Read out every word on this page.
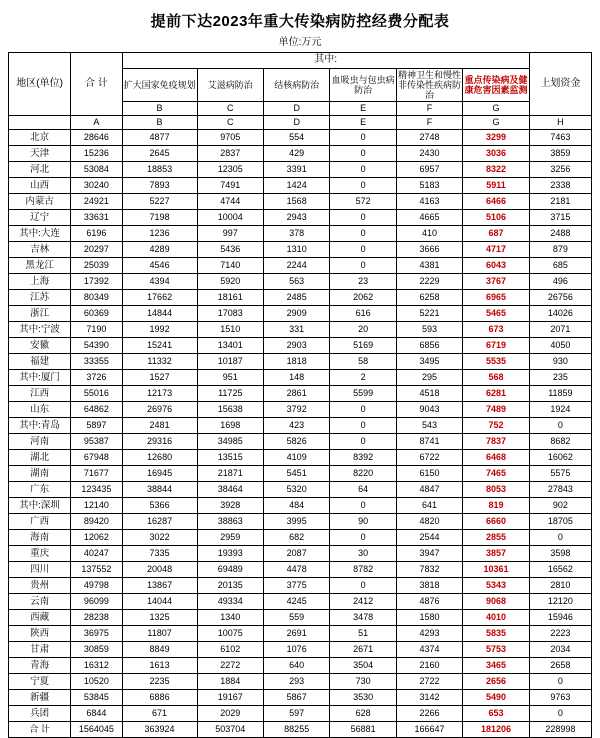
提前下达2023年重大传染病防控经费分配表
单位:万元
地区(单位)	合 计	其中:						上划资金
		扩大国家免疫规划	艾滋病防治	结核病防治	血吸虫与包虫病防治	精神卫生和慢性非传染性疾病防治	重点传染病及健康危害因素监测	
		B	C	D	E	F	G	
	A	B	C	D	E	F	G	H
北京	28646	4877	9705	554	0	2748	3299	7463
天津	15236	2645	2837	429	0	2430	3036	3859
河北	53084	18853	12305	3391	0	6957	8322	3256
山西	30240	7893	7491	1424	0	5183	5911	2338
内蒙古	24921	5227	4744	1568	572	4163	6466	2181
辽宁	33631	7198	10004	2943	0	4665	5106	3715
其中:大连	6196	1236	997	378	0	410	687	2488
吉林	20297	4289	5436	1310	0	3666	4717	879
黑龙江	25039	4546	7140	2244	0	4381	6043	685
上海	17392	4394	5920	563	23	2229	3767	496
江苏	80349	17662	18161	2485	2062	6258	6965	26756
浙江	60369	14844	17083	2909	616	5221	5465	14026
其中:宁波	7190	1992	1510	331	20	593	673	2071
安徽	54390	15241	13401	2903	5169	6856	6719	4050
福建	33355	11332	10187	1818	58	3495	5535	930
其中:厦门	3726	1527	951	148	2	295	568	235
江西	55016	12173	11725	2861	5599	4518	6281	11859
山东	64862	26976	15638	3792	0	9043	7489	1924
其中:青岛	5897	2481	1698	423	0	543	752	0
河南	95387	29316	34985	5826	0	8741	7837	8682
湖北	67948	12680	13515	4109	8392	6722	6468	16062
湖南	71677	16945	21871	5451	8220	6150	7465	5575
广东	123435	38844	38464	5320	64	4847	8053	27843
其中:深圳	12140	5366	3928	484	0	641	819	902
广西	89420	16287	38863	3995	90	4820	6660	18705
海南	12062	3022	2959	682	0	2544	2855	0
重庆	40247	7335	19393	2087	30	3947	3857	3598
四川	137552	20048	69489	4478	8782	7832	10361	16562
贵州	49798	13867	20135	3775	0	3818	5343	2810
云南	96099	14044	49334	4245	2412	4876	9068	12120
西藏	28238	1325	1340	559	3478	1580	4010	15946
陕西	36975	11807	10075	2691	51	4293	5835	2223
甘肃	30859	8849	6102	1076	2671	4374	5753	2034
青海	16312	1613	2272	640	3504	2160	3465	2658
宁夏	10520	2235	1884	293	730	2722	2656	0
新疆	53845	6886	19167	5867	3530	3142	5490	9763
兵团	6844	671	2029	597	628	2266	653	0
合 计	1564045	363924	503704	88255	56881	166647	181206	228998
